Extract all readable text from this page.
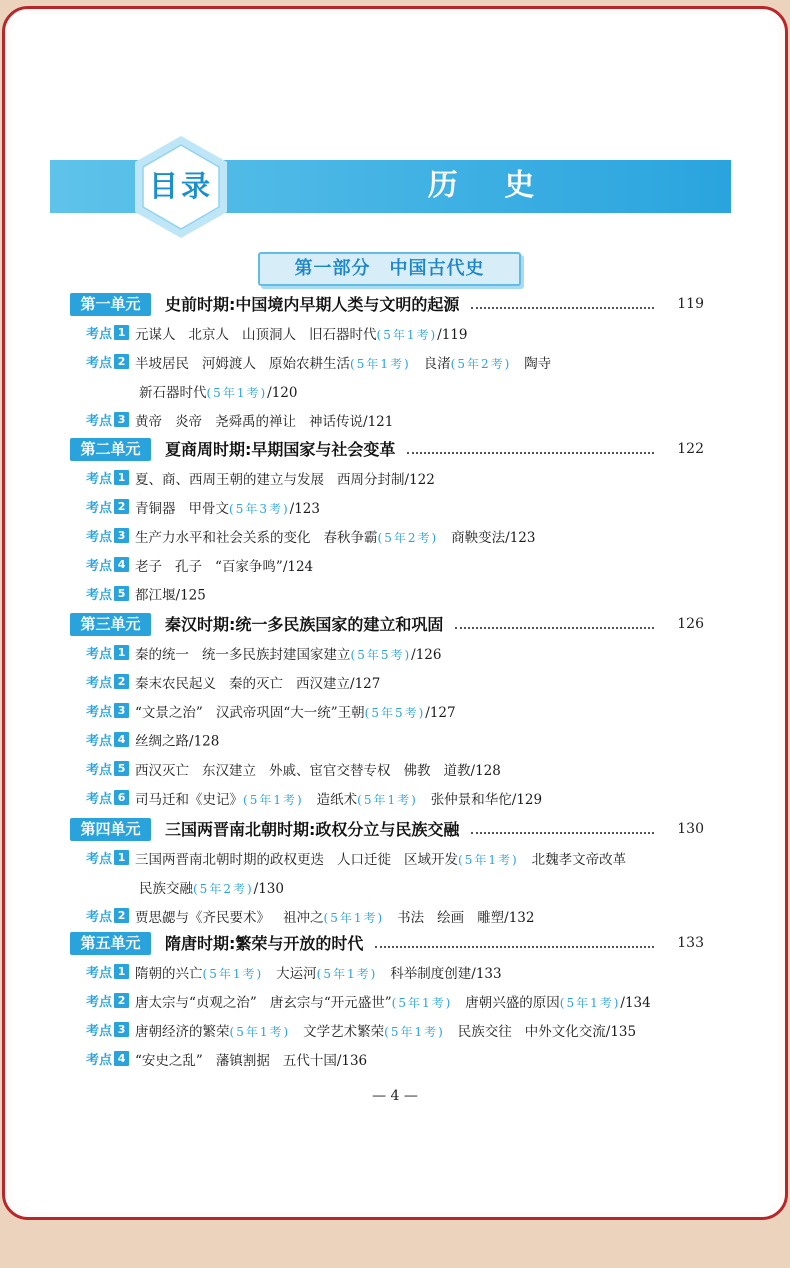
历 史
目录
第一部分　中国古代史
第一单元	史前时期:中国境内早期人类与文明的起源	119
考点 1 元谋人 北京人 山顶洞人 旧石器时代(5年1考)/119
考点 2 半坡居民 河姆渡人 原始农耕生活(5年1考) 良渚(5年2考) 陶寺
新石器时代(5年1考)/120
考点 3 黄帝 炎帝 尧舜禹的禅让 神话传说/121
第二单元	夏商周时期:早期国家与社会变革	122
考点 1 夏、商、西周王朝的建立与发展 西周分封制/122
考点 2 青铜器 甲骨文(5年3考)/123
考点 3 生产力水平和社会关系的变化 春秋争霸(5年2考) 商鞅变法/123
考点 4 老子 孔子 “百家争鸣”/124
考点 5 都江堰/125
第三单元	秦汉时期:统一多民族国家的建立和巩固	126
考点 1 秦的统一 统一多民族封建国家建立(5年5考)/126
考点 2 秦末农民起义 秦的灭亡 西汉建立/127
考点 3 “文景之治” 汉武帝巩固“大一统”王朝(5年5考)/127
考点 4 丝绸之路/128
考点 5 西汉灭亡 东汉建立 外戚、宦官交替专权 佛教 道教/128
考点 6 司马迁和《史记》(5年1考) 造纸术(5年1考) 张仲景和华佗/129
第四单元	三国两晋南北朝时期:政权分立与民族交融	130
考点 1 三国两晋南北朝时期的政权更迭 人口迁徙 区域开发(5年1考) 北魏孝文帝改革
民族交融(5年2考)/130
考点 2 贾思勰与《齐民要术》 祖冲之(5年1考) 书法 绘画 雕塑/132
第五单元	隋唐时期:繁荣与开放的时代	133
考点 1 隋朝的兴亡(5年1考) 大运河(5年1考) 科举制度创建/133
考点 2 唐太宗与“贞观之治” 唐玄宗与“开元盛世”(5年1考) 唐朝兴盛的原因(5年1考)/134
考点 3 唐朝经济的繁荣(5年1考) 文学艺术繁荣(5年1考) 民族交往 中外文化交流/135
考点 4 “安史之乱” 藩镇割据 五代十国/136
— 4 —
